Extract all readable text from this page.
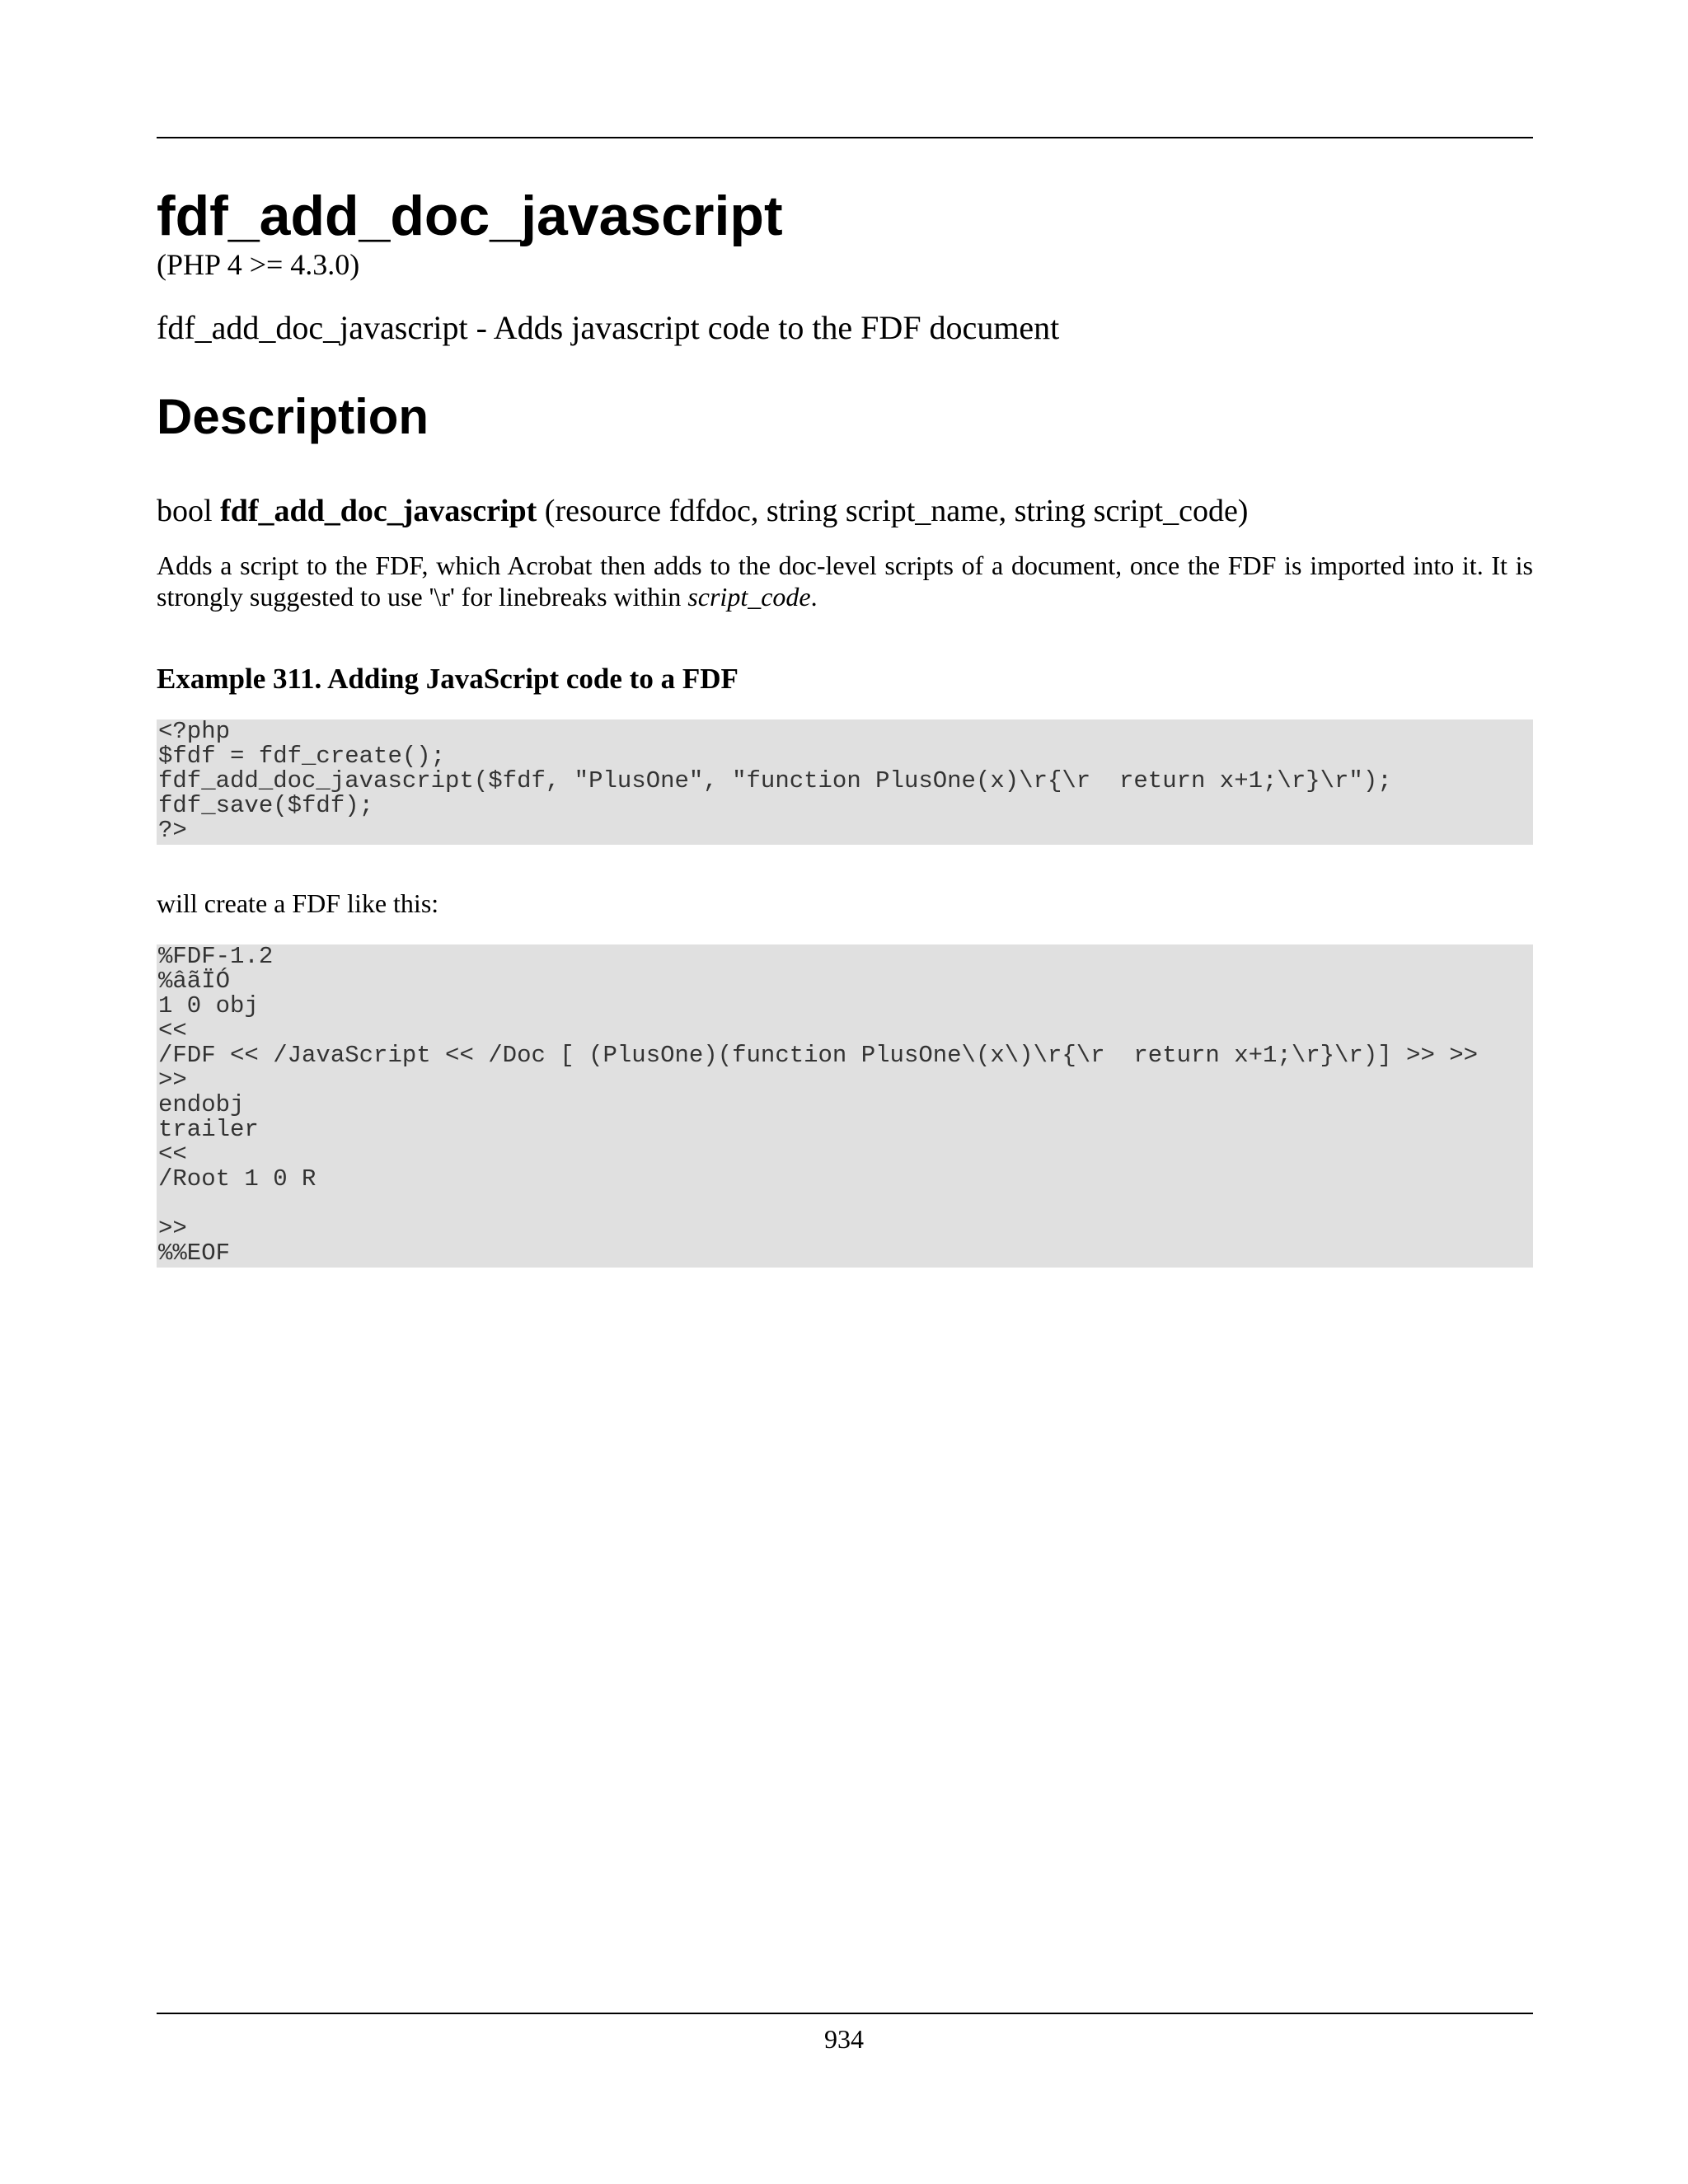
fdf_add_doc_javascript
(PHP 4 >= 4.3.0)
fdf_add_doc_javascript - Adds javascript code to the FDF document
Description
bool fdf_add_doc_javascript (resource fdfdoc, string script_name, string script_code)

Adds a script to the FDF, which Acrobat then adds to the doc-level scripts of a document, once the FDF is imported into it. It is strongly suggested to use '\r' for linebreaks within script_code.

Example 311. Adding JavaScript code to a FDF
<?php
$fdf = fdf_create();
fdf_add_doc_javascript($fdf, "PlusOne", "function PlusOne(x)\r{\r  return x+1;\r}\r");
fdf_save($fdf);
?>
will create a FDF like this:
%FDF-1.2
%âãÏÓ
1 0 obj
<<
/FDF << /JavaScript << /Doc [ (PlusOne)(function PlusOne\(x\)\r{\r  return x+1;\r}\r)] >> >>
>>
endobj
trailer
<<
/Root 1 0 R
>>
%%EOF
934
